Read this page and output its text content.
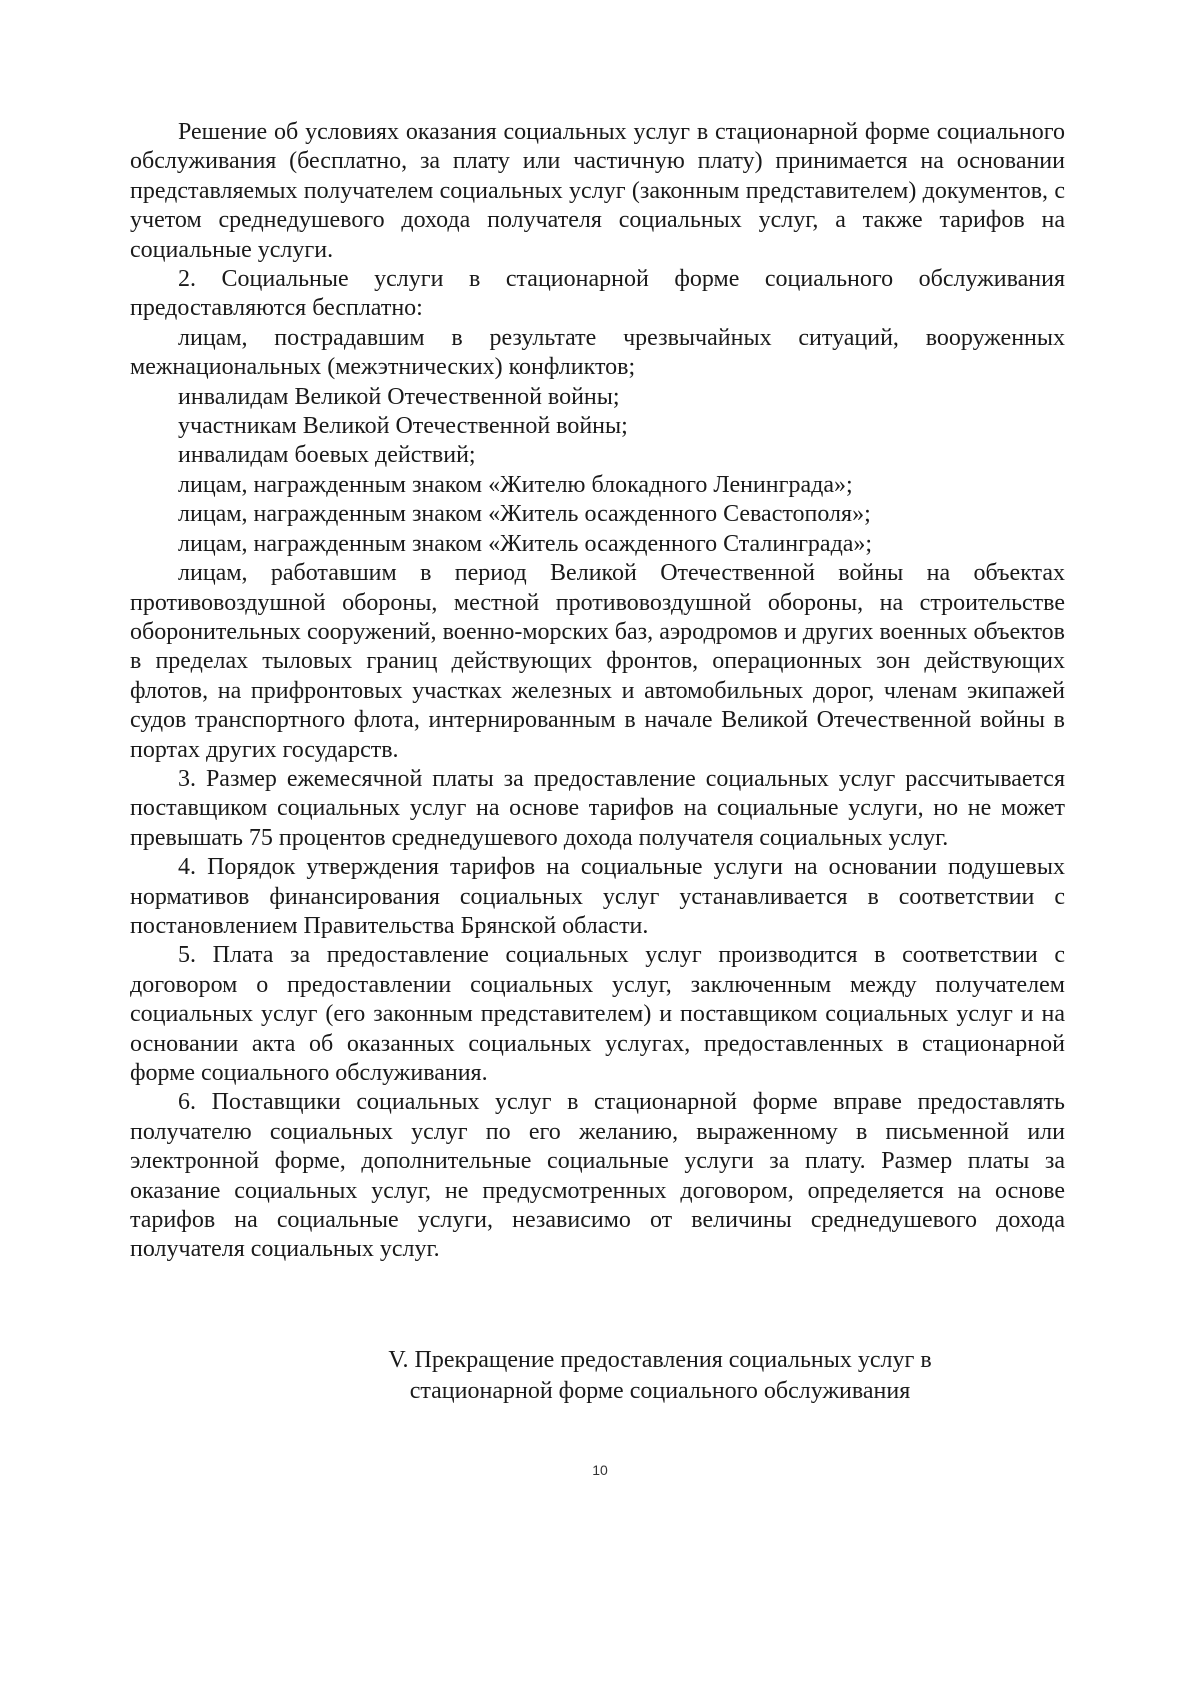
Решение об условиях оказания социальных услуг в стационарной форме социального обслуживания (бесплатно, за плату или частичную плату) принимается на основании представляемых получателем социальных услуг (законным представителем) документов, с учетом среднедушевого дохода получателя социальных услуг, а также тарифов на социальные услуги.

2. Социальные услуги в стационарной форме социального обслуживания предоставляются бесплатно:

лицам, пострадавшим в результате чрезвычайных ситуаций, вооруженных межнациональных (межэтнических) конфликтов;

инвалидам Великой Отечественной войны;

участникам Великой Отечественной войны;

инвалидам боевых действий;

лицам, награжденным знаком «Жителю блокадного Ленинграда»;

лицам, награжденным знаком «Житель осажденного Севастополя»;

лицам, награжденным знаком «Житель осажденного Сталинграда»;

лицам, работавшим в период Великой Отечественной войны на объектах противовоздушной обороны, местной противовоздушной обороны, на строительстве оборонительных сооружений, военно-морских баз, аэродромов и других военных объектов в пределах тыловых границ действующих фронтов, операционных зон действующих флотов, на прифронтовых участках железных и автомобильных дорог, членам экипажей судов транспортного флота, интернированным в начале Великой Отечественной войны в портах других государств.

3. Размер ежемесячной платы за предоставление социальных услуг рассчитывается поставщиком социальных услуг на основе тарифов на социальные услуги, но не может превышать 75 процентов среднедушевого дохода получателя социальных услуг.

4. Порядок утверждения тарифов на социальные услуги на основании подушевых нормативов финансирования социальных услуг устанавливается в соответствии с постановлением Правительства Брянской области.

5. Плата за предоставление социальных услуг производится в соответствии с договором о предоставлении социальных услуг, заключенным между получателем социальных услуг (его законным представителем) и поставщиком социальных услуг и на основании акта об оказанных социальных услугах, предоставленных в стационарной форме социального обслуживания.

6. Поставщики социальных услуг в стационарной форме вправе предоставлять получателю социальных услуг по его желанию, выраженному в письменной или электронной форме, дополнительные социальные услуги за плату. Размер платы за оказание социальных услуг, не предусмотренных договором, определяется на основе тарифов на социальные услуги, независимо от величины среднедушевого дохода получателя социальных услуг.

V. Прекращение предоставления социальных услуг в
стационарной форме социального обслуживания
10
